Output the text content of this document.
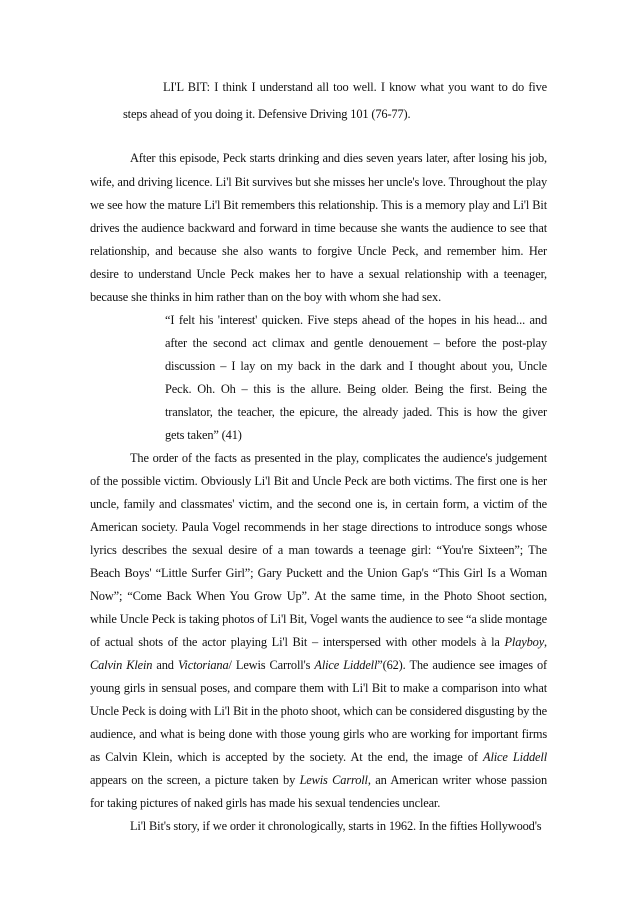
LI'L BIT: I think I understand all too well. I know what you want to do five
steps ahead of you doing it. Defensive Driving 101 (76-77).
After this episode, Peck starts drinking and dies seven years later, after losing his job,
wife, and driving licence. Li'l Bit survives but she misses her uncle's love. Throughout the play
we see how the mature Li'l Bit remembers this relationship. This is a memory play and Li'l Bit
drives the audience backward and forward in time because she wants the audience to see that
relationship, and because she also wants to forgive Uncle Peck, and remember him. Her
desire to understand Uncle Peck makes her to have a sexual relationship with a teenager,
because she thinks in him rather than on the boy with whom she had sex.
“I felt his 'interest' quicken. Five steps ahead of the hopes in his head... and
after the second act climax and gentle denouement – before the post-play
discussion – I lay on my back in the dark and I thought about you, Uncle
Peck. Oh. Oh – this is the allure. Being older. Being the first. Being the
translator, the teacher, the epicure, the already jaded. This is how the giver
gets taken” (41)
The order of the facts as presented in the play, complicates the audience's judgement
of the possible victim. Obviously Li'l Bit and Uncle Peck are both victims. The first one is her
uncle, family and classmates' victim, and the second one is, in certain form, a victim of the
American society. Paula Vogel recommends in her stage directions to introduce songs whose
lyrics describes the sexual desire of a man towards a teenage girl: “You're Sixteen”; The
Beach Boys' “Little Surfer Girl”; Gary Puckett and the Union Gap's “This Girl Is a Woman
Now”; “Come Back When You Grow Up”. At the same time, in the Photo Shoot section,
while Uncle Peck is taking photos of Li'l Bit, Vogel wants the audience to see “a slide montage
of actual shots of the actor playing Li'l Bit – interspersed with other models à la Playboy,
Calvin Klein and Victoriana/ Lewis Carroll's Alice Liddell”(62). The audience see images of
young girls in sensual poses, and compare them with Li'l Bit to make a comparison into what
Uncle Peck is doing with Li'l Bit in the photo shoot, which can be considered disgusting by the
audience, and what is being done with those young girls who are working for important firms
as Calvin Klein, which is accepted by the society. At the end, the image of Alice Liddell
appears on the screen, a picture taken by Lewis Carroll, an American writer whose passion
for taking pictures of naked girls has made his sexual tendencies unclear.
Li'l Bit's story, if we order it chronologically, starts in 1962. In the fifties Hollywood's
